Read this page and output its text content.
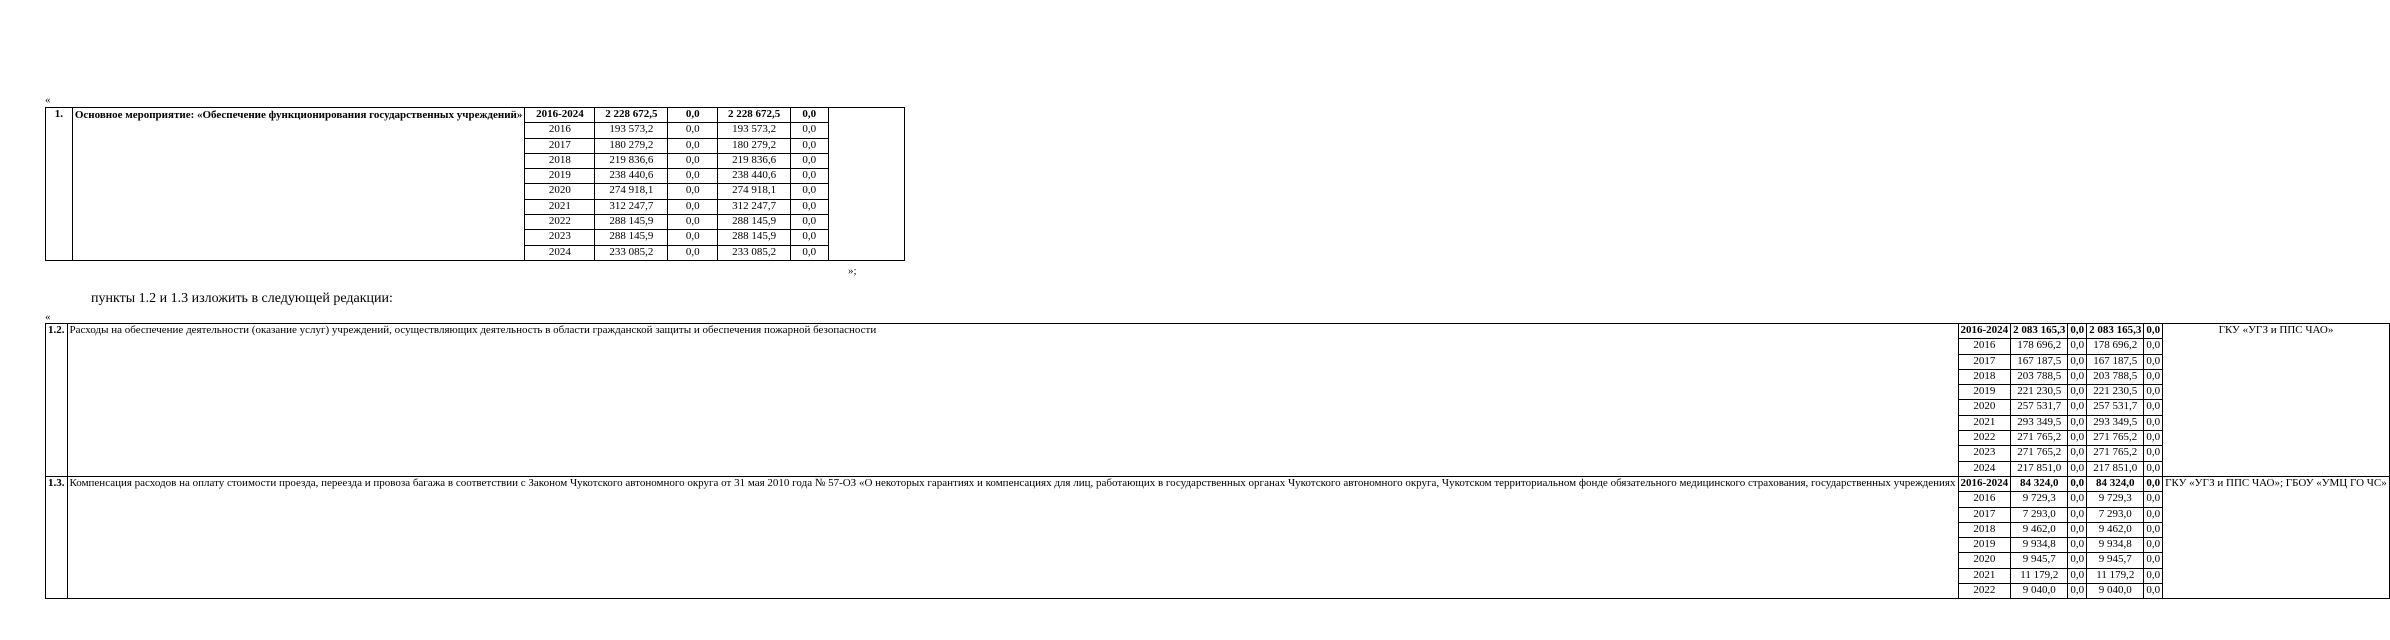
«
1.	Основное мероприятие: «Обеспечение функционирования государственных учреждений»	2016-2024	2 228 672,5	0,0	2 228 672,5	0,0	
		2016	193 573,2	0,0	193 573,2	0,0	
		2017	180 279,2	0,0	180 279,2	0,0	
		2018	219 836,6	0,0	219 836,6	0,0	
		2019	238 440,6	0,0	238 440,6	0,0	
		2020	274 918,1	0,0	274 918,1	0,0	
		2021	312 247,7	0,0	312 247,7	0,0	
		2022	288 145,9	0,0	288 145,9	0,0	
		2023	288 145,9	0,0	288 145,9	0,0	
		2024	233 085,2	0,0	233 085,2	0,0	
»;
пункты 1.2 и 1.3 изложить в следующей редакции:
«
1.2.	Расходы на обеспечение деятельности (оказание услуг) учреждений, осуществляющих деятельность в области гражданской защиты и обеспечения пожарной безопасности	2016-2024	2 083 165,3	0,0	2 083 165,3	0,0	ГКУ «УГЗ и ППС ЧАО»
		2016	178 696,2	0,0	178 696,2	0,0	
		2017	167 187,5	0,0	167 187,5	0,0	
		2018	203 788,5	0,0	203 788,5	0,0	
		2019	221 230,5	0,0	221 230,5	0,0	
		2020	257 531,7	0,0	257 531,7	0,0	
		2021	293 349,5	0,0	293 349,5	0,0	
		2022	271 765,2	0,0	271 765,2	0,0	
		2023	271 765,2	0,0	271 765,2	0,0	
		2024	217 851,0	0,0	217 851,0	0,0	
1.3.	Компенсация расходов на оплату стоимости проезда, переезда и провоза багажа в соответствии с Законом Чукотского автономного округа от 31 мая 2010 года № 57-ОЗ «О некоторых гарантиях и компенсациях для лиц, работающих в государственных органах Чукотского автономного округа, Чукотском территориальном фонде обязательного медицинского страхования, государственных учреждениях	2016-2024	84 324,0	0,0	84 324,0	0,0	ГКУ «УГЗ и ППС ЧАО»; ГБОУ «УМЦ ГО ЧС»
		2016	9 729,3	0,0	9 729,3	0,0	
		2017	7 293,0	0,0	7 293,0	0,0	
		2018	9 462,0	0,0	9 462,0	0,0	
		2019	9 934,8	0,0	9 934,8	0,0	
		2020	9 945,7	0,0	9 945,7	0,0	
		2021	11 179,2	0,0	11 179,2	0,0	
		2022	9 040,0	0,0	9 040,0	0,0	
